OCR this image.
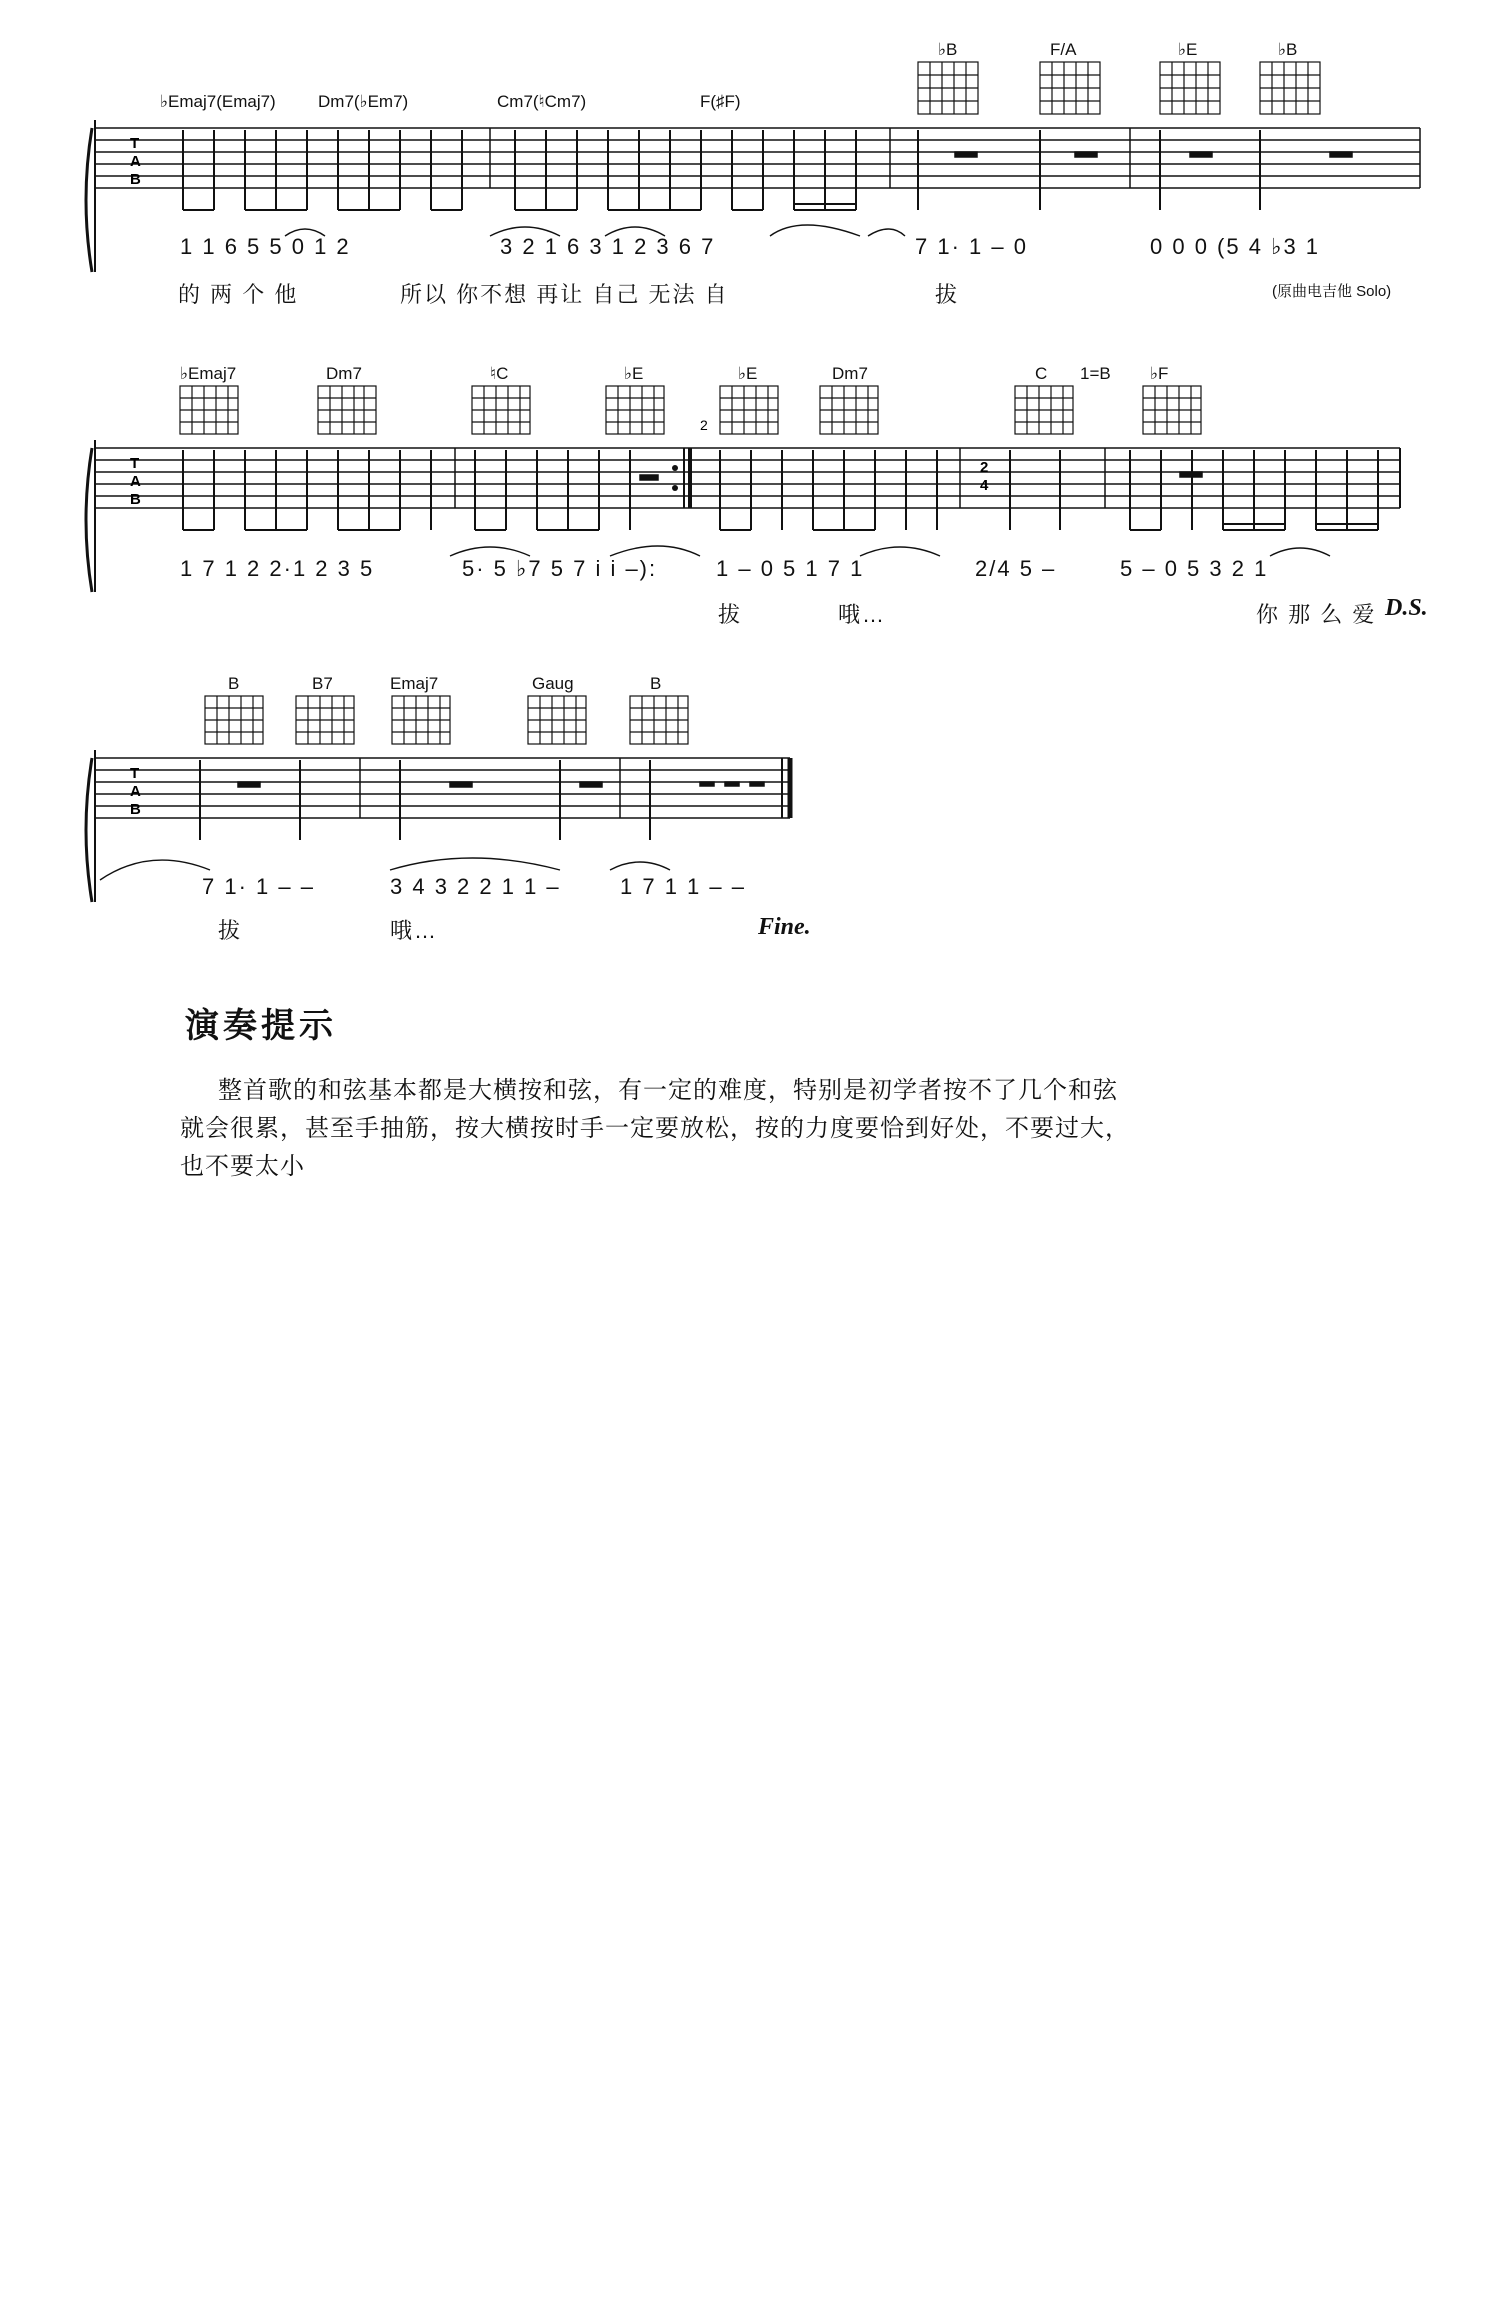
T
A
B
♭Emaj7(Emaj7) Dm7(♭Em7)	Cm7(♮Cm7)	F(♯F)
♭B	F/A	♭E	♭B
1 1 6 5 5 0 1 2	3 2 1 6 3 1 2 3 6 7	7 1· 1 – 0	0 0 0 (5 4 ♭3 1
的 两 个 他	所以 你不想 再让 自己 无法 自	拔	(原曲电吉他 Solo)
T
A
B
2
2
4
♭Emaj7	Dm7	♮C	♭E	♭E	Dm7	C 1=B ♭F
1 7 1 2 2·1 2 3 5	5· 5 ♭7 5 7 i i –):	1 – 0 5 1 7 1	2/4 5 –	5 – 0 5 3 2 1
拔	哦…	你 那 么 爱 D.S.
T
A
B
B	B7	Emaj7	Gaug	B
7 1· 1 – –	3 4 3 2 2 1 1 –	1 7 1 1 – –
拔	哦…	Fine.
演奏提示
整首歌的和弦基本都是大横按和弦，有一定的难度，特别是初学者按不了几个和弦
就会很累，甚至手抽筋，按大横按时手一定要放松，按的力度要恰到好处，不要过大，
也不要太小
